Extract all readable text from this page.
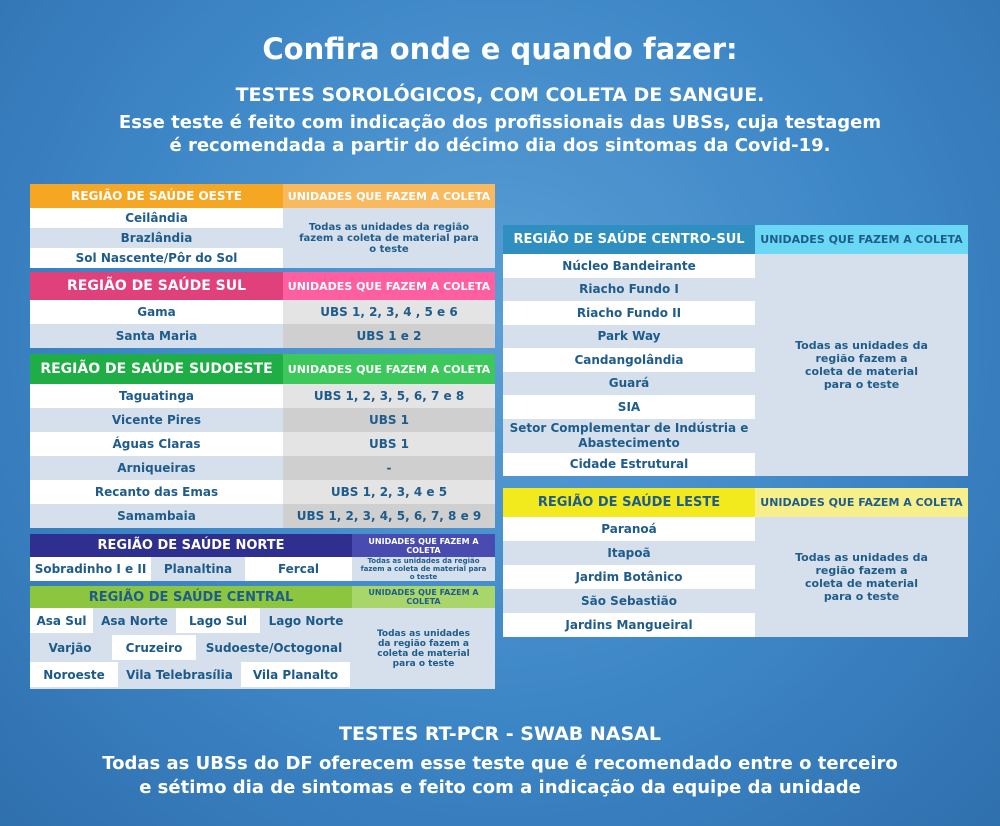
Confira onde e quando fazer:
TESTES SOROLÓGICOS, COM COLETA DE SANGUE.
Esse teste é feito com indicação dos profissionais das UBSs, cuja testagem
é recomendada a partir do décimo dia dos sintomas da Covid-19.
REGIÃO DE SAÚDE OESTE	UNIDADES QUE FAZEM A COLETA
Ceilândia
Brazlândia
Sol Nascente/Pôr do Sol
Todas as unidades da região fazem a coleta de material para o teste
REGIÃO DE SAÚDE SUL	UNIDADES QUE FAZEM A COLETA
Gama	UBS 1, 2, 3, 4 , 5 e 6
Santa Maria	UBS 1 e 2
REGIÃO DE SAÚDE SUDOESTE	UNIDADES QUE FAZEM A COLETA
Taguatinga	UBS 1, 2, 3, 5, 6, 7 e 8
Vicente Pires	UBS 1
Águas Claras	UBS 1
Arniqueiras	-
Recanto das Emas	UBS 1, 2, 3, 4 e 5
Samambaia	UBS 1, 2, 3, 4, 5, 6, 7, 8 e 9
REGIÃO DE SAÚDE NORTE	UNIDADES QUE FAZEM A COLETA
Sobradinho I e II	Planaltina	Fercal
Todas as unidades da região fazem a coleta de material para o teste
REGIÃO DE SAÚDE CENTRAL	UNIDADES QUE FAZEM A COLETA
Asa Sul	Asa Norte	Lago Sul	Lago Norte
Varjão	Cruzeiro	Sudoeste/Octogonal
Noroeste	Vila Telebrasília	Vila Planalto
Todas as unidades da região fazem a coleta de material para o teste
REGIÃO DE SAÚDE CENTRO-SUL	UNIDADES QUE FAZEM A COLETA
Núcleo Bandeirante
Riacho Fundo I
Riacho Fundo II
Park Way
Candangolândia
Guará
SIA
Setor Complementar de Indústria e Abastecimento
Cidade Estrutural
Todas as unidades da região fazem a coleta de material para o teste
REGIÃO DE SAÚDE LESTE	UNIDADES QUE FAZEM A COLETA
Paranoá
Itapoã
Jardim Botânico
São Sebastião
Jardins Mangueiral
Todas as unidades da região fazem a coleta de material para o teste
TESTES RT-PCR - SWAB NASAL
Todas as UBSs do DF oferecem esse teste que é recomendado entre o terceiro
e sétimo dia de sintomas e feito com a indicação da equipe da unidade
